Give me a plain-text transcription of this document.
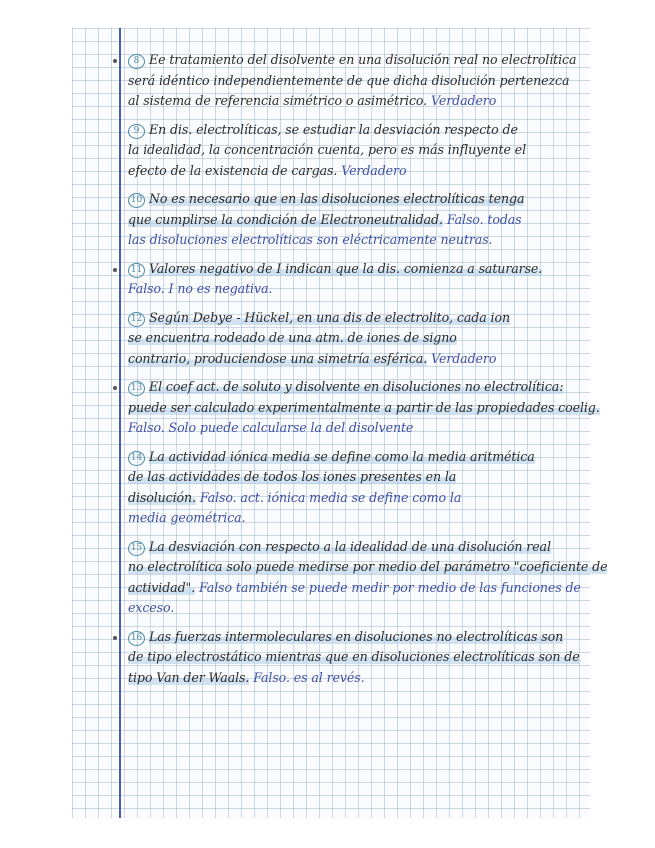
8 Ee tratamiento del disolvente en una disolución real no electrolítica
será idéntico independientemente de que dicha disolución pertenezca
al sistema de referencia simétrico o asimétrico. Verdadero
9 En dis. electrolíticas, se estudiar la desviación respecto de
la idealidad, la concentración cuenta, pero es más influyente el
efecto de la existencia de cargas. Verdadero
10 No es necesario que en las disoluciones electrolíticas tenga
que cumplirse la condición de Electroneutralidad. Falso. todas
las disoluciones electrolíticas son eléctricamente neutras.
11 Valores negativo de I indican que la dis. comienza a saturarse.
Falso. I no es negativa.
12 Según Debye - Hückel, en una dis de electrolito, cada ion
se encuentra rodeado de una atm. de iones de signo
contrario, produciendose una simetría esférica. Verdadero
13 El coef act. de soluto y disolvente en disoluciones no electrolítica:
puede ser calculado experimentalmente a partir de las propiedades coelig.
Falso. Solo puede calcularse la del disolvente
14 La actividad iónica media se define como la media aritmética
de las actividades de todos los iones presentes en la
disolución. Falso. act. iónica media se define como la
media geométrica.
15 La desviación con respecto a la idealidad de una disolución real
no electrolítica solo puede medirse por medio del parámetro "coeficiente de
actividad". Falso también se puede medir por medio de las funciones de
exceso.
16 Las fuerzas intermoleculares en disoluciones no electrolíticas son
de tipo electrostático mientras que en disoluciones electrolíticas son de
tipo Van der Waals. Falso. es al revés.
